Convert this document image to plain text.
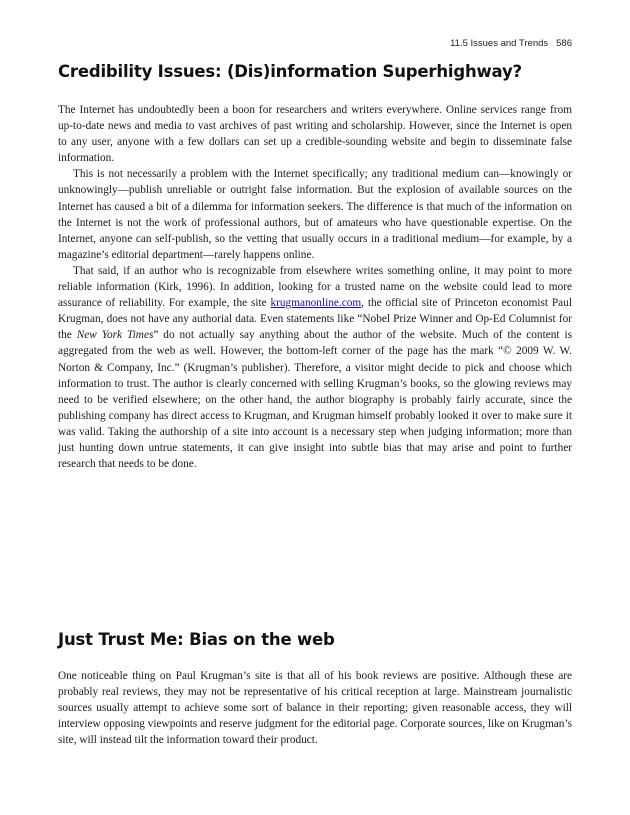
11.5 Issues and Trends 586
Credibility Issues: (Dis)information Superhighway?

The Internet has undoubtedly been a boon for researchers and writers everywhere. Online services range from up-to-date news and media to vast archives of past writing and scholarship. However, since the Internet is open to any user, anyone with a few dollars can set up a credible-sounding website and begin to disseminate false information.

This is not necessarily a problem with the Internet specifically; any traditional medium can—knowingly or unknowingly—publish unreliable or outright false information. But the explosion of available sources on the Internet has caused a bit of a dilemma for information seekers. The difference is that much of the information on the Internet is not the work of professional authors, but of amateurs who have questionable expertise. On the Internet, anyone can self-publish, so the vetting that usually occurs in a traditional medium—for example, by a magazine’s editorial department—rarely happens online.

That said, if an author who is recognizable from elsewhere writes something online, it may point to more reliable information (Kirk, 1996). In addition, looking for a trusted name on the website could lead to more assurance of reliability. For example, the site krugmanonline.com, the official site of Princeton economist Paul Krugman, does not have any authorial data. Even statements like “Nobel Prize Winner and Op-Ed Columnist for the New York Times” do not actually say anything about the author of the website. Much of the content is aggregated from the web as well. However, the bottom-left corner of the page has the mark “© 2009 W. W. Norton & Company, Inc.” (Krugman’s publisher). Therefore, a visitor might decide to pick and choose which information to trust. The author is clearly concerned with selling Krugman’s books, so the glowing reviews may need to be verified elsewhere; on the other hand, the author biography is probably fairly accurate, since the publishing company has direct access to Krugman, and Krugman himself probably looked it over to make sure it was valid. Taking the authorship of a site into account is a necessary step when judging information; more than just hunting down untrue statements, it can give insight into subtle bias that may arise and point to further research that needs to be done.

Just Trust Me: Bias on the web

One noticeable thing on Paul Krugman’s site is that all of his book reviews are positive. Although these are probably real reviews, they may not be representative of his critical reception at large. Mainstream journalistic sources usually attempt to achieve some sort of balance in their reporting; given reasonable access, they will interview opposing viewpoints and reserve judgment for the editorial page. Corporate sources, like on Krugman’s site, will instead tilt the information toward their product.
